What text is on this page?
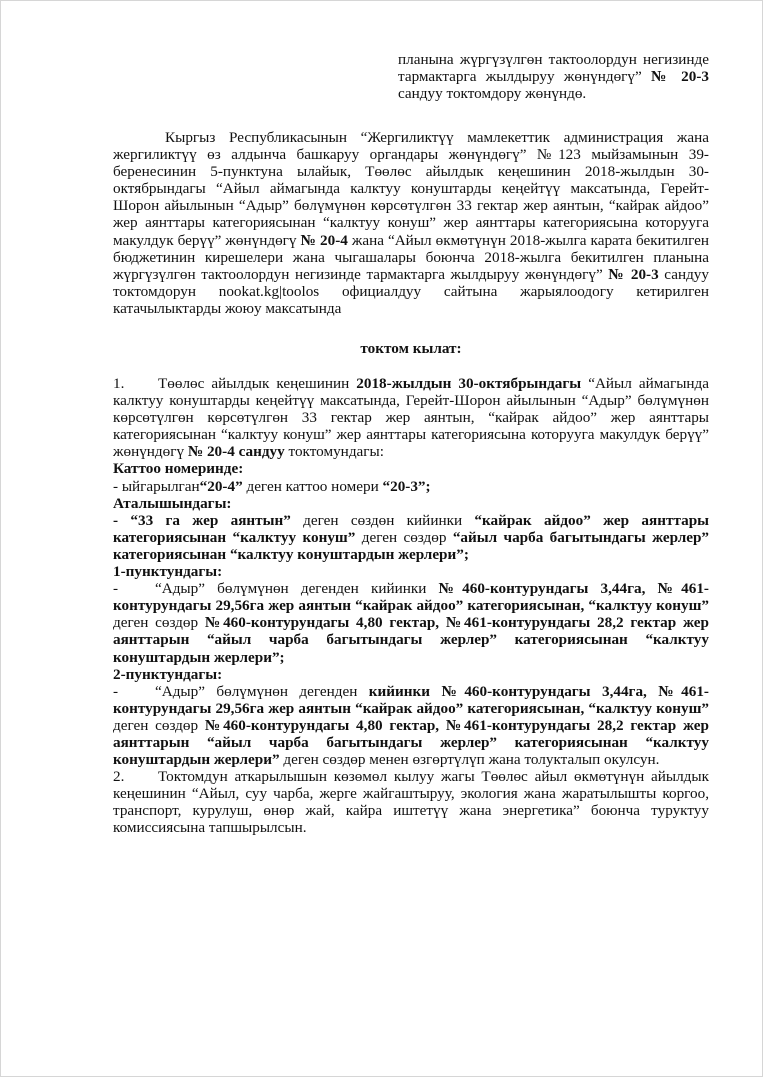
планына жүргүзүлгөн тактоолордун негизинде тармактарга жылдыруу жөнүндөгү” № 20-3 сандуу токтомдору жөнүндө.

Кыргыз Республикасынын “Жергиликтүү мамлекеттик администрация жана жергиликтүү өз алдынча башкаруу органдары жөнүндөгү” №123 мыйзамынын 39-беренесинин 5-пунктуна ылайык, Төөлөс айылдык кеңешинин 2018-жылдын 30-октябрындагы “Айыл аймагында калктуу конуштарды кеңейтүү максатында, Герейт-Шорон айылынын “Адыр” бөлүмүнөн көрсөтүлгөн 33 гектар жер аянтын, “кайрак айдоо” жер аянттары категориясынан “калктуу конуш” жер аянттары категориясына которууга макулдук берүү” жөнүндөгү № 20-4 жана “Айыл өкмөтүнүн 2018-жылга карата бекитилген бюджетинин кирешелери жана чыгашалары боюнча 2018-жылга бекитилген планына жүргүзүлгөн тактоолордун негизинде тармактарга жылдыруу жөнүндөгү” № 20-3 сандуу токтомдорун nookat.kg|toolos официалдуу сайтына жарыялоодогу кетирилген катачылыктарды жоюу максатында

токтом кылат:

1. Төөлөс айылдык кеңешинин 2018-жылдын 30-октябрындагы “Айыл аймагында калктуу конуштарды кеңейтүү максатында, Герейт-Шорон айылынын “Адыр” бөлүмүнөн көрсөтүлгөн көрсөтүлгөн 33 гектар жер аянтын, “кайрак айдоо” жер аянттары категориясынан “калктуу конуш” жер аянттары категориясына которууга макулдук берүү” жөнүндөгү № 20-4 сандуу токтомундагы:
Каттоо номеринде:
- ыйгарылган“20-4” деген каттоо номери “20-3”;
Аталышындагы:
- “33 га жер аянтын” деген сөздөн кийинки “кайрак айдоо” жер аянттары категориясынан “калктуу конуш” деген сөздөр “айыл чарба багытындагы жерлер” категориясынан “калктуу конуштардын жерлери”;
1-пунктундагы:
- “Адыр” бөлүмүнөн дегенден кийинки №460-контурундагы 3,44га, №461-контурундагы 29,56га жер аянтын “кайрак айдоо” категориясынан, “калктуу конуш” деген сөздөр №460-контурундагы 4,80 гектар, №461-контурундагы 28,2 гектар жер аянттарын “айыл чарба багытындагы жерлер” категориясынан “калктуу конуштардын жерлери”;
2-пунктундагы:
- “Адыр” бөлүмүнөн дегенден кийинки №460-контурундагы 3,44га, №461-контурундагы 29,56га жер аянтын “кайрак айдоо” категориясынан, “калктуу конуш” деген сөздөр №460-контурундагы 4,80 гектар, №461-контурундагы 28,2 гектар жер аянттарын “айыл чарба багытындагы жерлер” категориясынан “калктуу конуштардын жерлери” деген сөздөр менен өзгөртүлүп жана толукталып окулсун.
2. Токтомдун аткарылышын көзөмөл кылуу жагы Төөлөс айыл өкмөтүнүн айылдык кеңешинин “Айыл, суу чарба, жерге жайгаштыруу, экология жана жаратылышты коргоо, транспорт, курулуш, өнөр жай, кайра иштетүү жана энергетика” боюнча туруктуу комиссиясына тапшырылсын.
